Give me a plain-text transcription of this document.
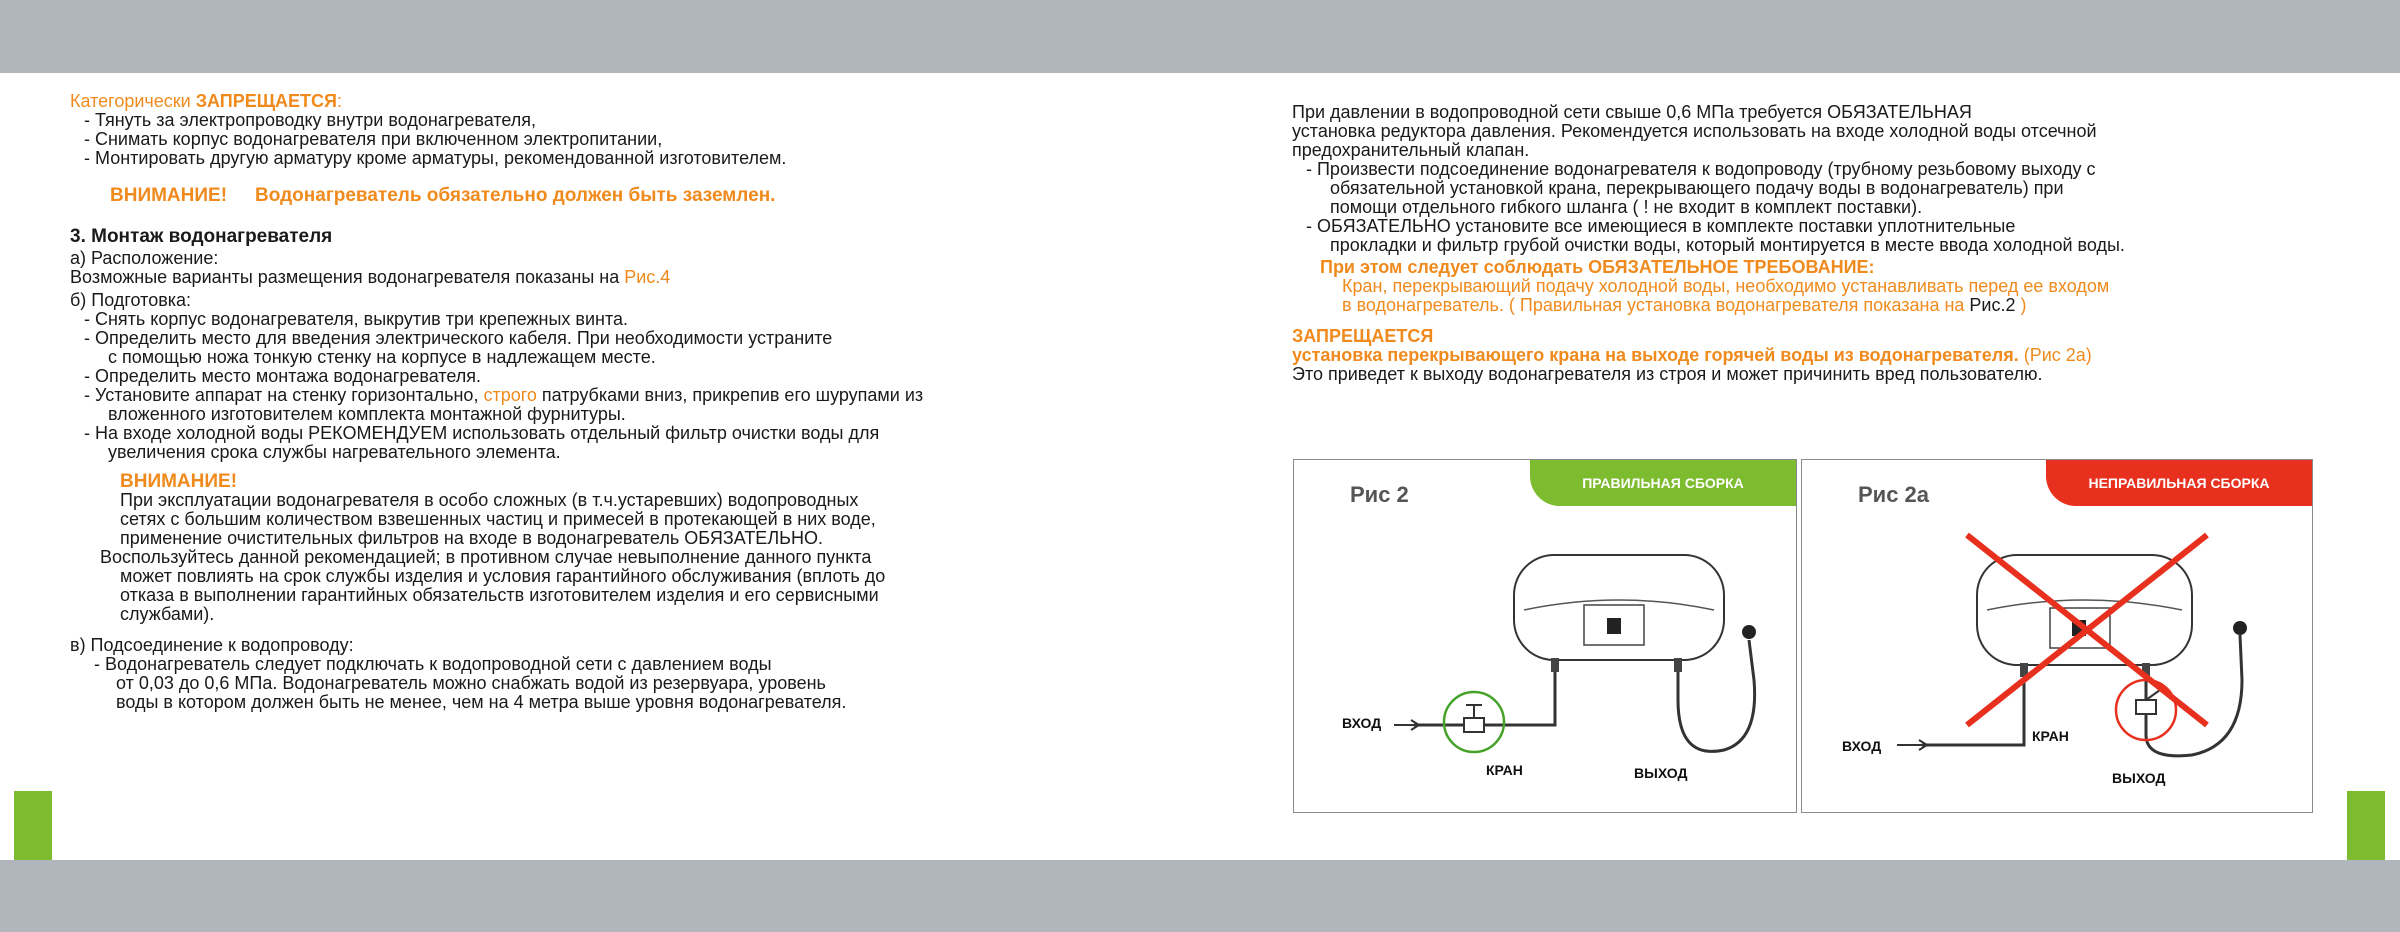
Категорически ЗАПРЕЩАЕТСЯ:
- Тянуть за электропроводку внутри водонагревателя,
- Снимать корпус водонагревателя при включенном электропитании,
- Монтировать другую арматуру кроме арматуры, рекомендованной изготовителем.
ВНИМАНИЕ! Водонагреватель обязательно должен быть заземлен.
3. Монтаж водонагревателя
а) Расположение:
Возможные варианты размещения водонагревателя показаны на Рис.4
б) Подготовка:
- Снять корпус водонагревателя, выкрутив три крепежных винта.
- Определить место для введения электрического кабеля. При необходимости устраните
с помощью ножа тонкую стенку на корпусе в надлежащем месте.
- Определить место монтажа водонагревателя.
- Установите аппарат на стенку горизонтально, строго патрубками вниз, прикрепив его шурупами из
вложенного изготовителем комплекта монтажной фурнитуры.
- На входе холодной воды РЕКОМЕНДУЕМ использовать отдельный фильтр очистки воды для
увеличения срока службы нагревательного элемента.
ВНИМАНИЕ!
При эксплуатации водонагревателя в особо сложных (в т.ч.устаревших) водопроводных
сетях с большим количеством взвешенных частиц и примесей в протекающей в них воде,
применение очистительных фильтров на входе в водонагреватель ОБЯЗАТЕЛЬНО.
Воспользуйтесь данной рекомендацией; в противном случае невыполнение данного пункта
может повлиять на срок службы изделия и условия гарантийного обслуживания (вплоть до
отказа в выполнении гарантийных обязательств изготовителем изделия и его сервисными
службами).
в) Подсоединение к водопроводу:
- Водонагреватель следует подключать к водопроводной сети с давлением воды
от 0,03 до 0,6 МПа. Водонагреватель можно снабжать водой из резервуара, уровень
воды в котором должен быть не менее, чем на 4 метра выше уровня водонагревателя.
При давлении в водопроводной сети свыше 0,6 МПа требуется ОБЯЗАТЕЛЬНАЯ
установка редуктора давления. Рекомендуется использовать на входе холодной воды отсечной
предохранительный клапан.
- Произвести подсоединение водонагревателя к водопроводу (трубному резьбовому выходу с
обязательной установкой крана, перекрывающего подачу воды в водонагреватель) при
помощи отдельного гибкого шланга ( ! не входит в комплект поставки).
- ОБЯЗАТЕЛЬНО установите все имеющиеся в комплекте поставки уплотнительные
прокладки и фильтр грубой очистки воды, который монтируется в месте ввода холодной воды.
При этом следует соблюдать ОБЯЗАТЕЛЬНОЕ ТРЕБОВАНИЕ:
Кран, перекрывающий подачу холодной воды, необходимо устанавливать перед ее входом
в водонагреватель. ( Правильная установка водонагревателя показана на Рис.2 )
ЗАПРЕЩАЕТСЯ
установка перекрывающего крана на выходе горячей воды из водонагревателя. (Рис 2а)
Это приведет к выходу водонагревателя из строя и может причинить вред пользователю.
Рис 2	ПРАВИЛЬНАЯ СБОРКА
ВХОД
КРАН	ВЫХОД
Рис 2а	НЕПРАВИЛЬНАЯ СБОРКА
ВХОД
КРАН
ВЫХОД
